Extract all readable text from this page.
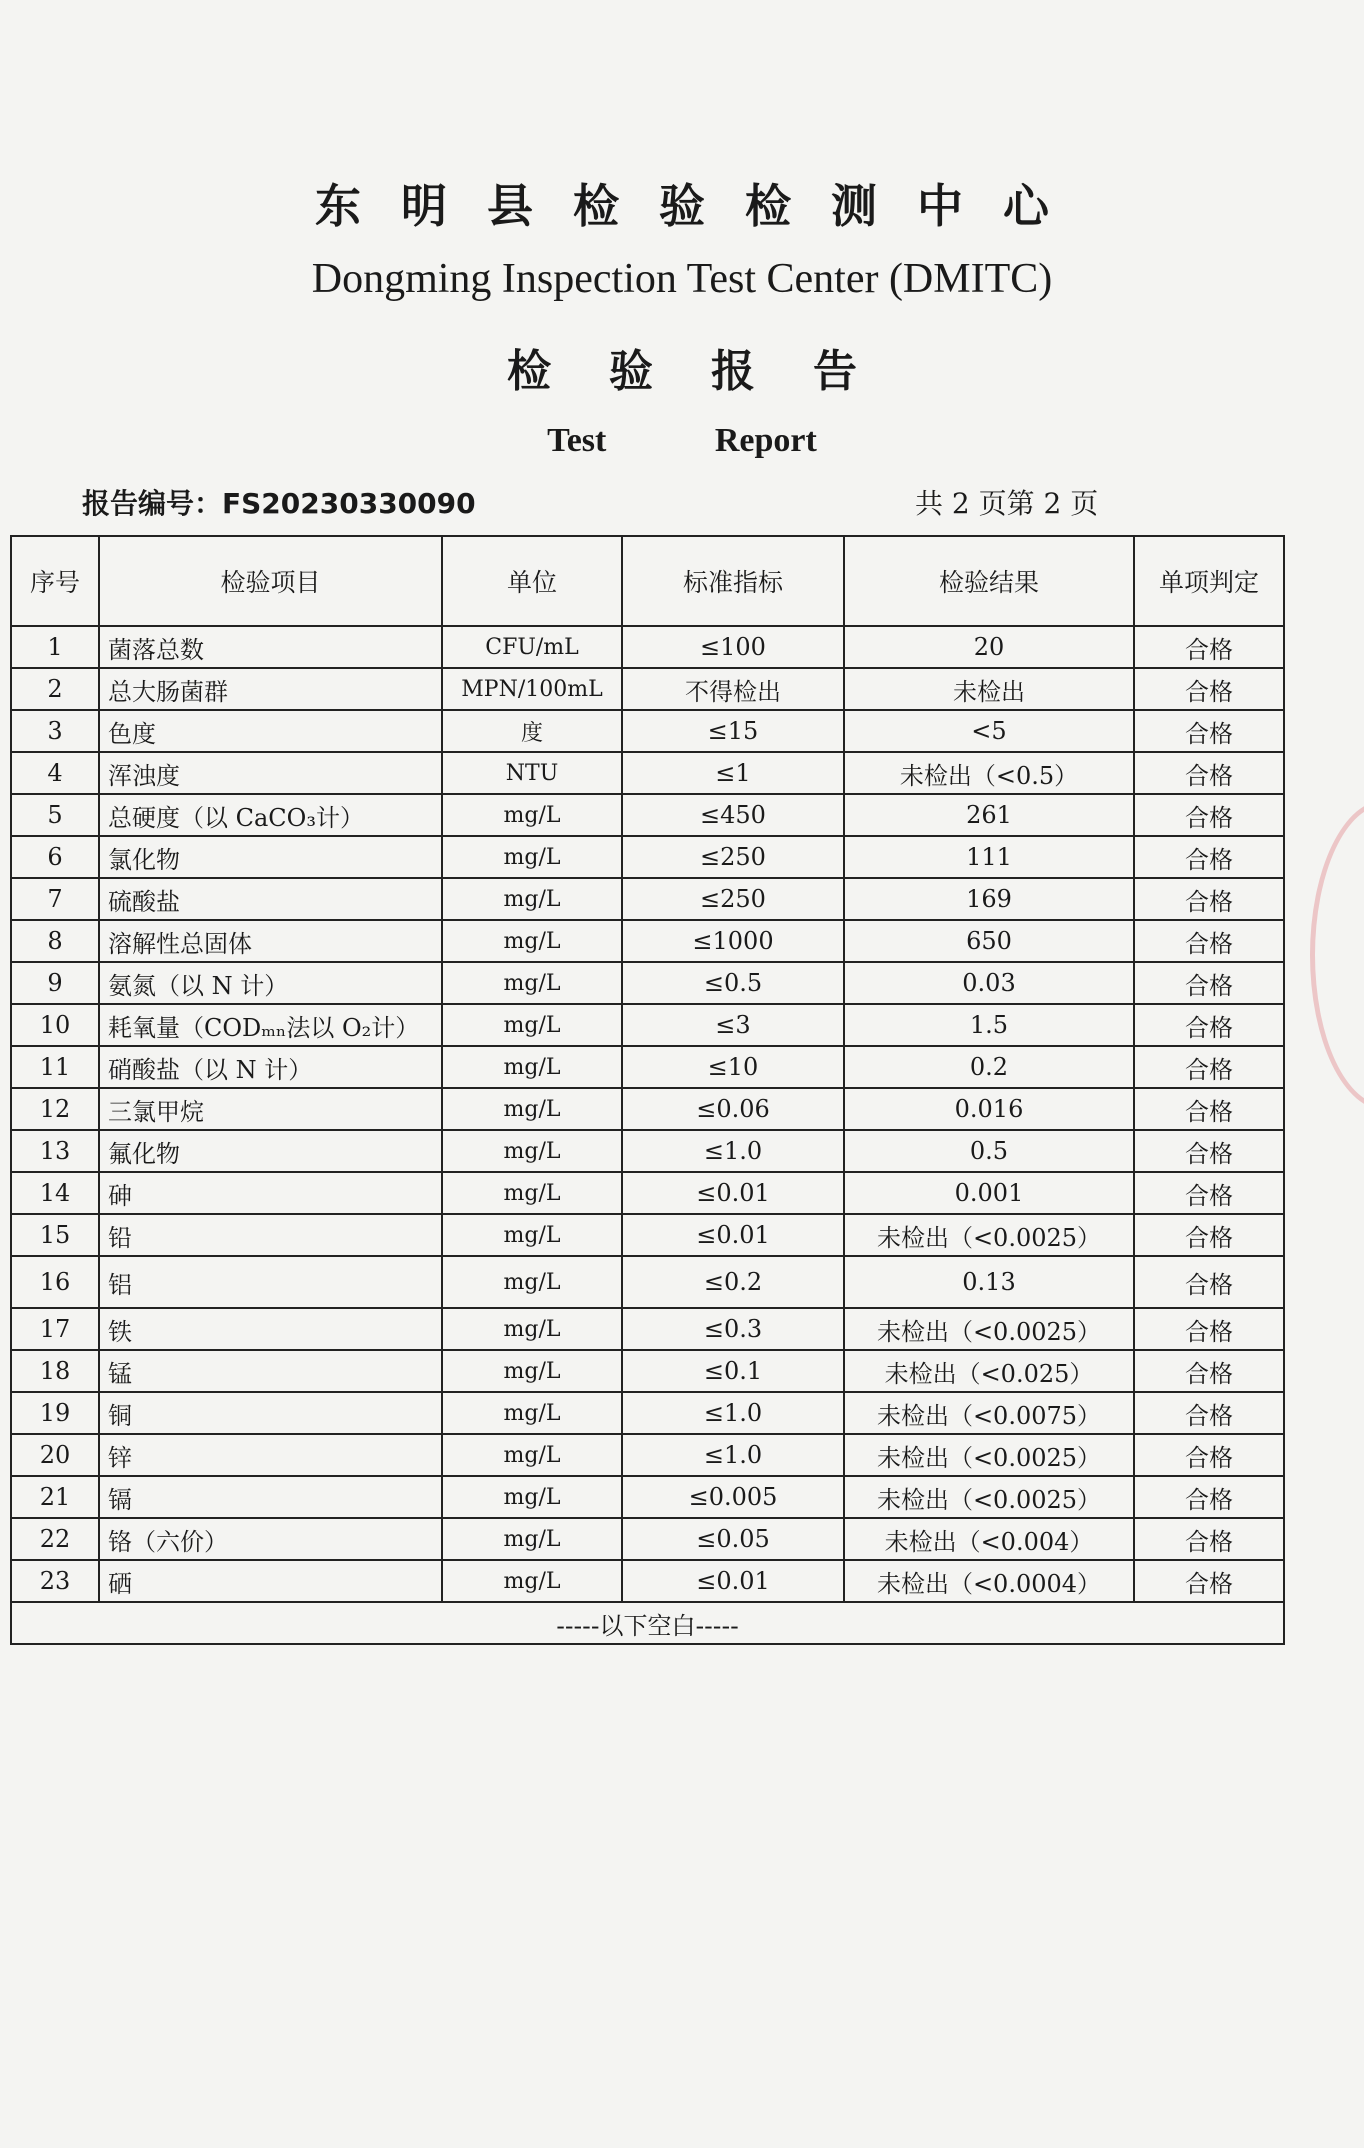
东明县检验检测中心
Dongming Inspection Test Center (DMITC)
检验报告
Test Report
报告编号：FS20230330090	共 2 页第 2 页
序号	检验项目	单位	标准指标	检验结果	单项判定
1	菌落总数	CFU/mL	≤100	20	合格
2	总大肠菌群	MPN/100mL	不得检出	未检出	合格
3	色度	度	≤15	<5	合格
4	浑浊度	NTU	≤1	未检出（<0.5）	合格
5	总硬度（以 CaCO₃计）	mg/L	≤450	261	合格
6	氯化物	mg/L	≤250	111	合格
7	硫酸盐	mg/L	≤250	169	合格
8	溶解性总固体	mg/L	≤1000	650	合格
9	氨氮（以 N 计）	mg/L	≤0.5	0.03	合格
10	耗氧量（CODₘₙ法以 O₂计）	mg/L	≤3	1.5	合格
11	硝酸盐（以 N 计）	mg/L	≤10	0.2	合格
12	三氯甲烷	mg/L	≤0.06	0.016	合格
13	氟化物	mg/L	≤1.0	0.5	合格
14	砷	mg/L	≤0.01	0.001	合格
15	铅	mg/L	≤0.01	未检出（<0.0025）	合格
16	铝	mg/L	≤0.2	0.13	合格
17	铁	mg/L	≤0.3	未检出（<0.0025）	合格
18	锰	mg/L	≤0.1	未检出（<0.025）	合格
19	铜	mg/L	≤1.0	未检出（<0.0075）	合格
20	锌	mg/L	≤1.0	未检出（<0.0025）	合格
21	镉	mg/L	≤0.005	未检出（<0.0025）	合格
22	铬（六价）	mg/L	≤0.05	未检出（<0.004）	合格
23	硒	mg/L	≤0.01	未检出（<0.0004）	合格
-----以下空白-----					
